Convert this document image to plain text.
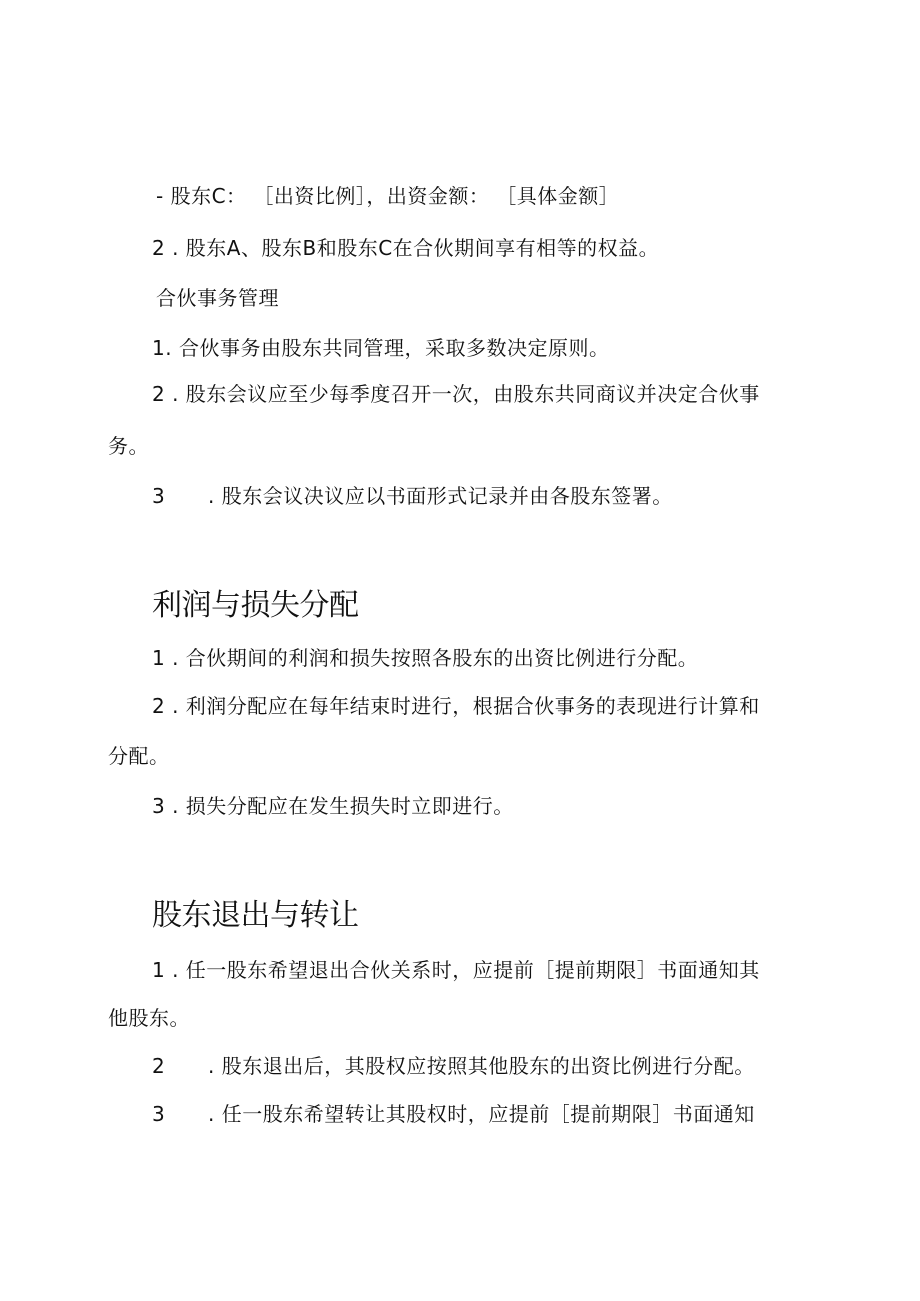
- 股东C： ［出资比例］，出资金额： ［具体金额］
2 . 股东A、股东B和股东C在合伙期间享有相等的权益。
合伙事务管理
1. 合伙事务由股东共同管理，采取多数决定原则。
2 . 股东会议应至少每季度召开一次，由股东共同商议并决定合伙事
务。
3 . 股东会议决议应以书面形式记录并由各股东签署。
利润与损失分配
1 . 合伙期间的利润和损失按照各股东的出资比例进行分配。
2 . 利润分配应在每年结束时进行，根据合伙事务的表现进行计算和
分配。
3 . 损失分配应在发生损失时立即进行。
股东退出与转让
1 . 任一股东希望退出合伙关系时，应提前［提前期限］书面通知其
他股东。
2 . 股东退出后，其股权应按照其他股东的出资比例进行分配。
3 . 任一股东希望转让其股权时，应提前［提前期限］书面通知
